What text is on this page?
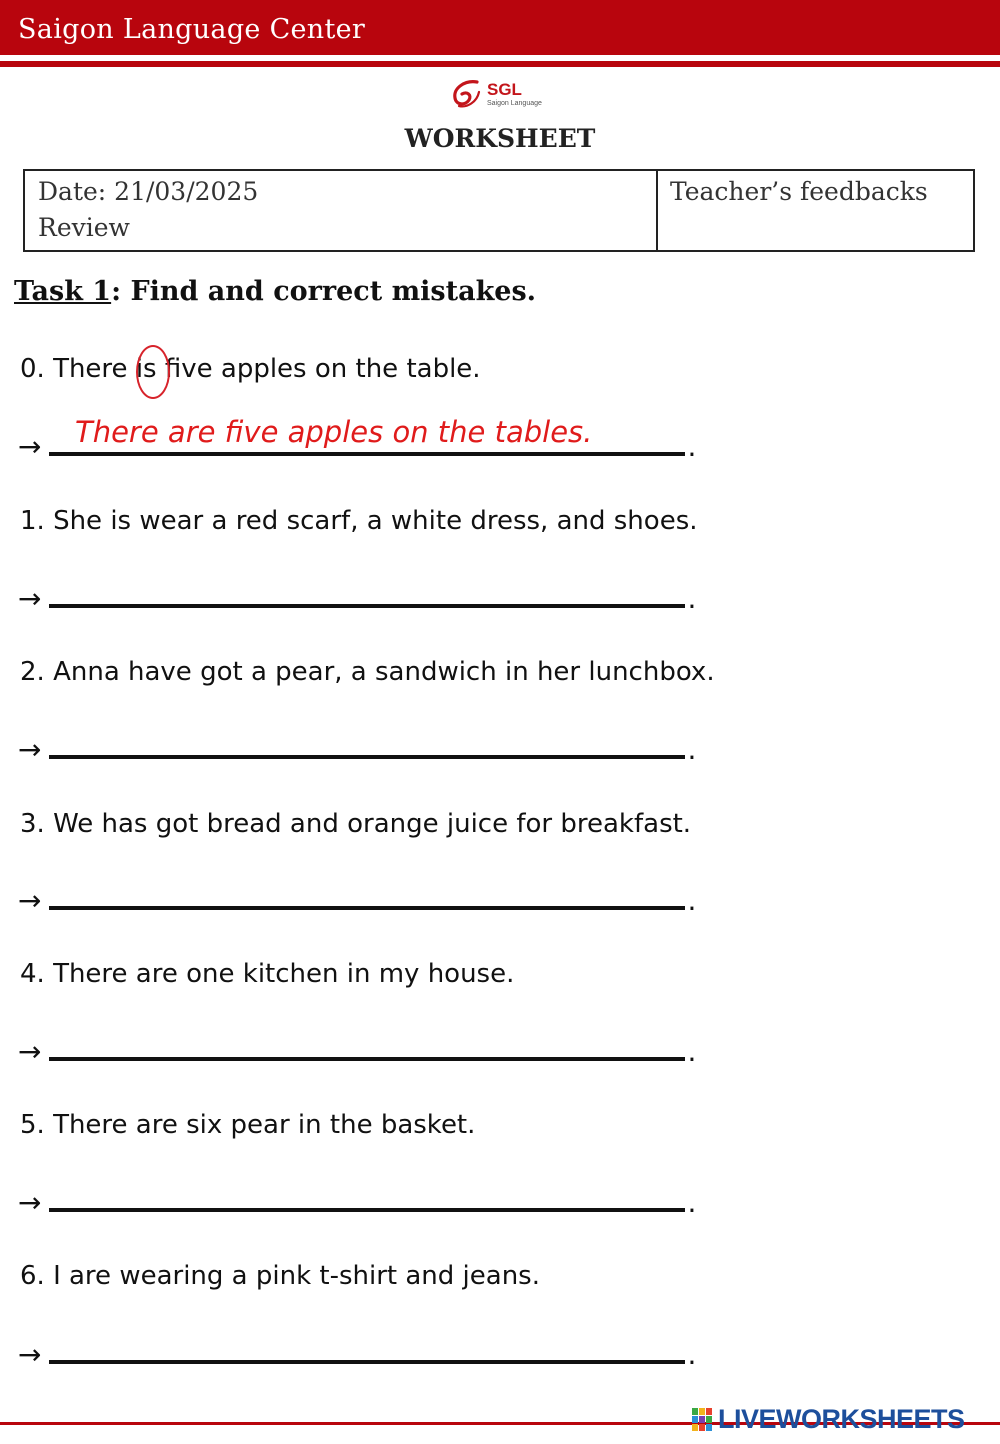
Saigon Language Center
SGL
Saigon Language
WORKSHEET
Date: 21/03/2025
Review
Teacher’s feedbacks
Task 1: Find and correct mistakes.
0. There is five apples on the table.
There are five apples on the tables.
→	.
1. She is wear a red scarf, a white dress, and shoes.
→	.
2. Anna have got a pear, a sandwich in her lunchbox.
→	.
3. We has got bread and orange juice for breakfast.
→	.
4. There are one kitchen in my house.
→	.
5. There are six pear in the basket.
→	.
6. I are wearing a pink t-shirt and jeans.
→	.
LIVEWORKSHEETS
